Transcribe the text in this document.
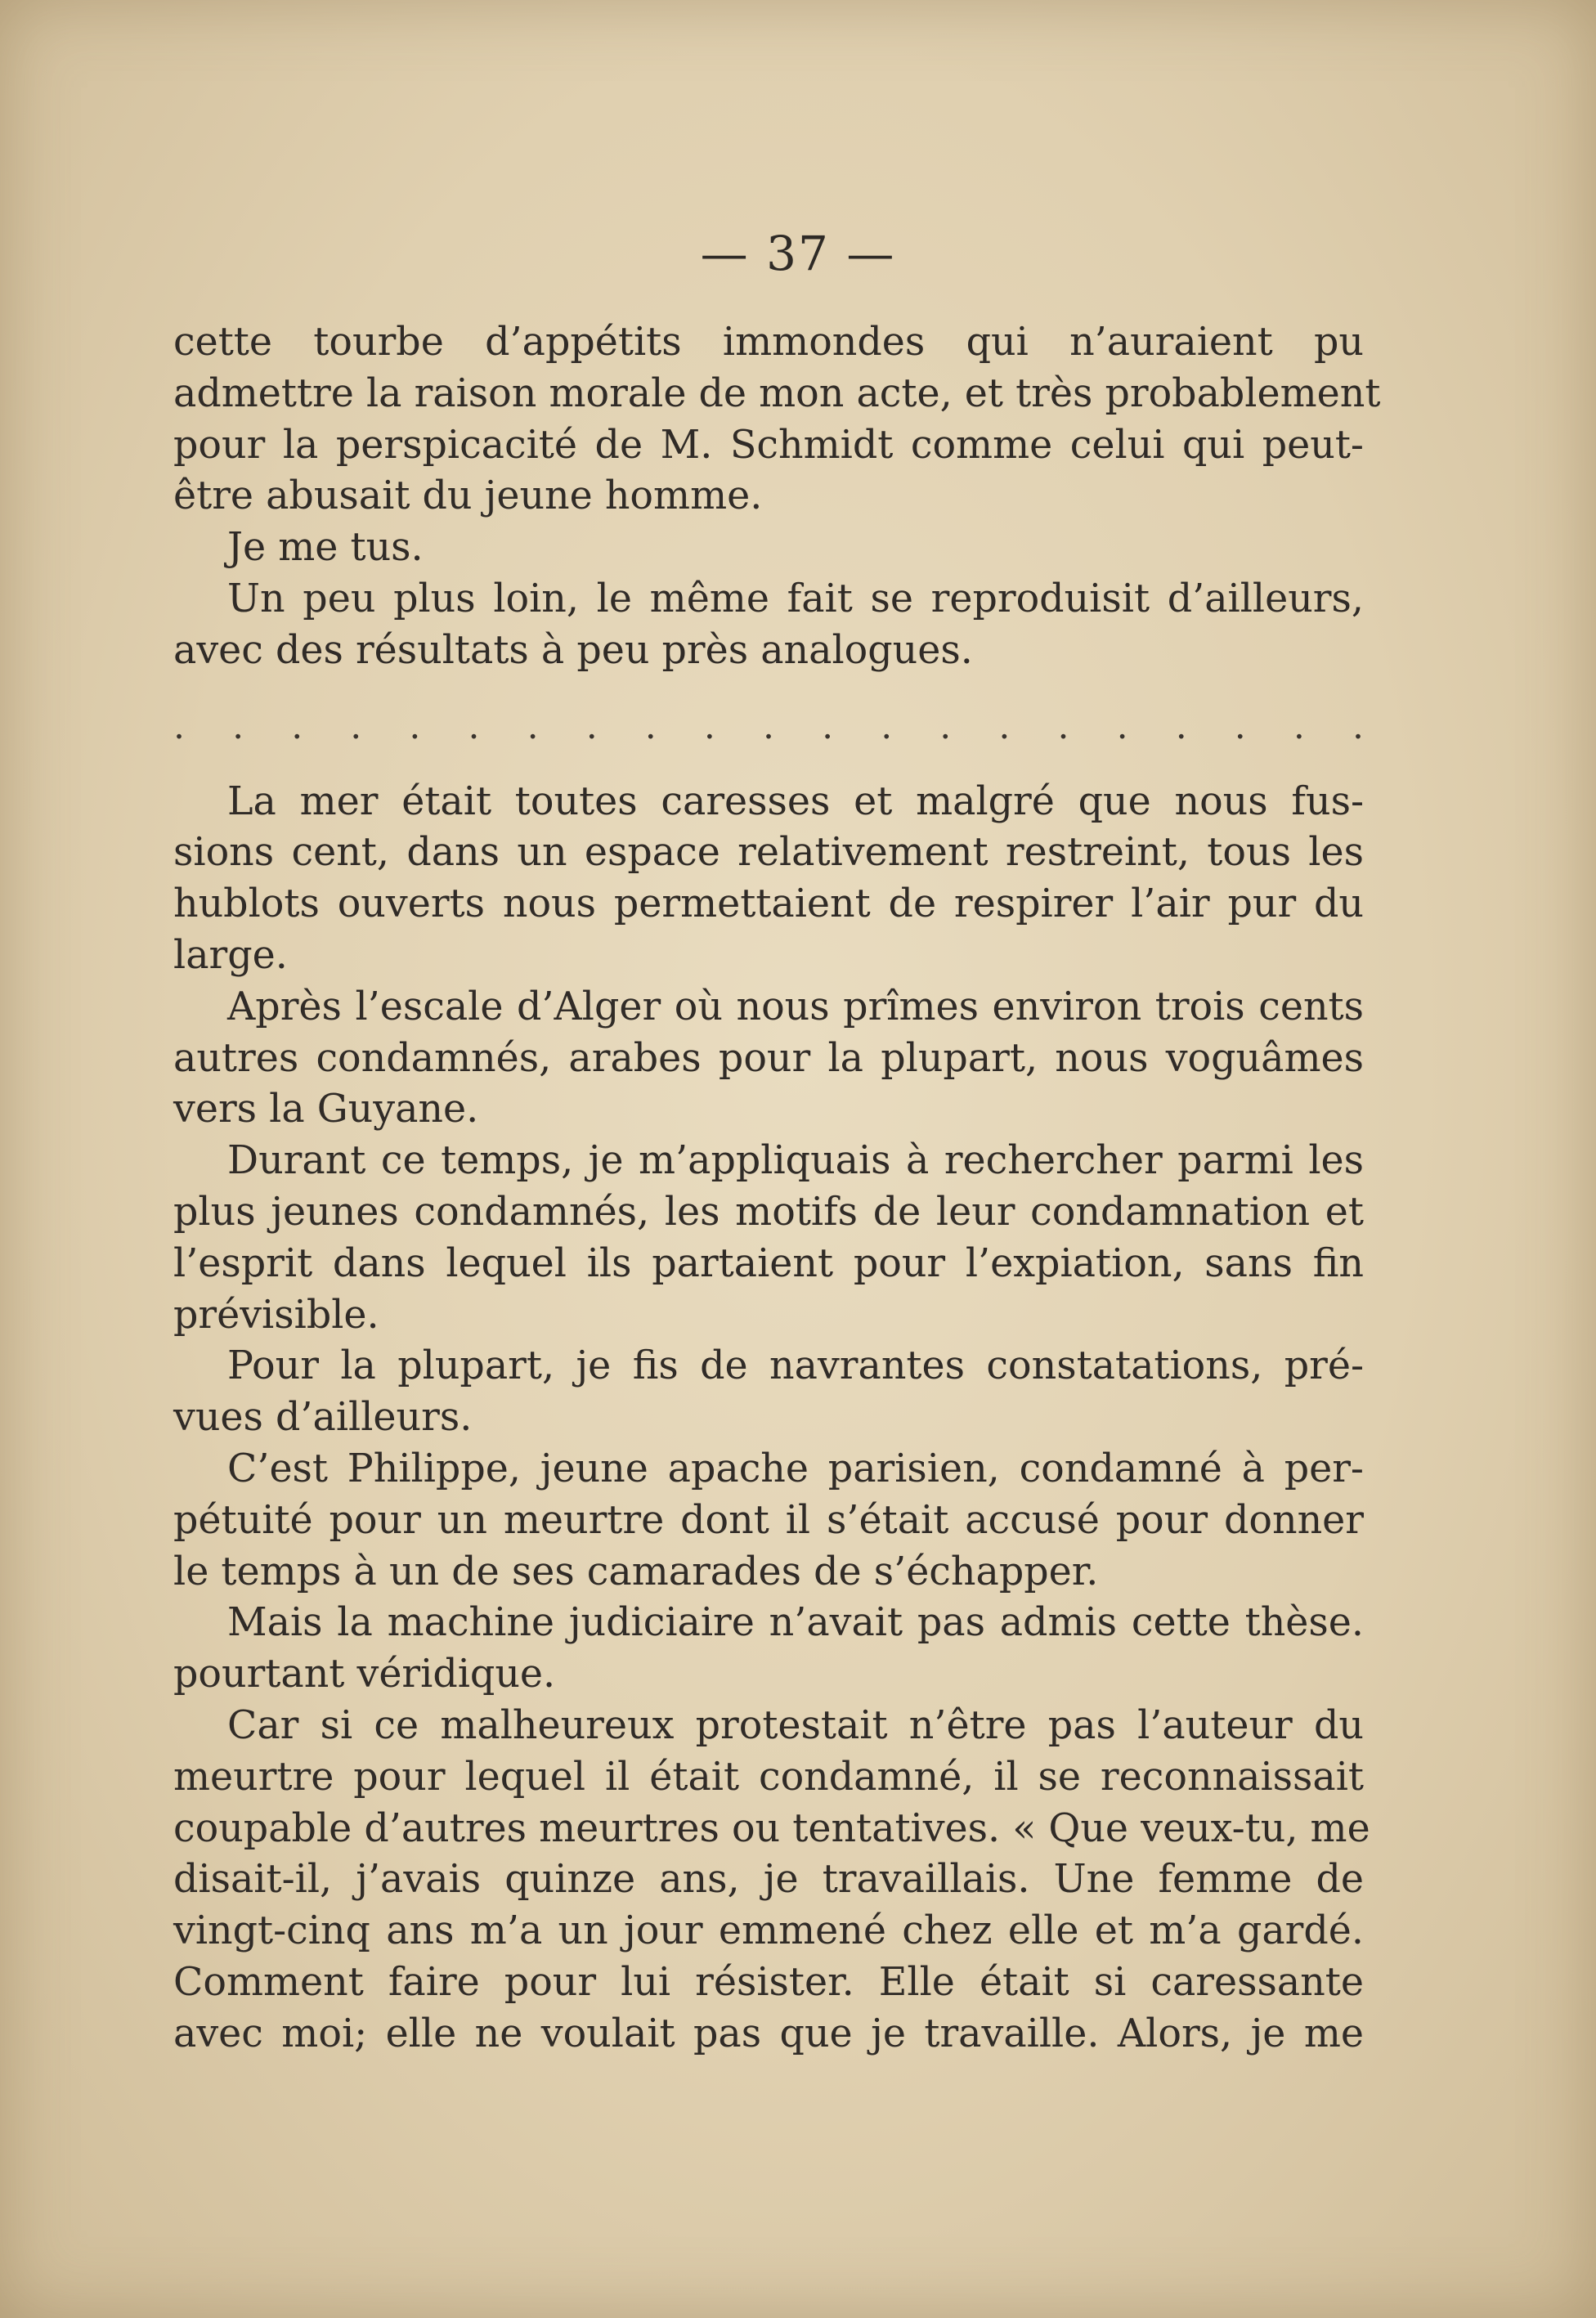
— 37 —
cette tourbe d’appétits immondes qui n’auraient pu
admettre la raison morale de mon acte, et très probablement
pour la perspicacité de M. Schmidt comme celui qui peut-
être abusait du jeune homme.
Je me tus.
Un peu plus loin, le même fait se reproduisit d’ailleurs,
avec des résultats à peu près analogues.
. . . . . . . . . . . . . . . . . . . . .
La mer était toutes caresses et malgré que nous fus-
sions cent, dans un espace relativement restreint, tous les
hublots ouverts nous permettaient de respirer l’air pur du
large.
Après l’escale d’Alger où nous prîmes environ trois cents
autres condamnés, arabes pour la plupart, nous voguâmes
vers la Guyane.
Durant ce temps, je m’appliquais à rechercher parmi les
plus jeunes condamnés, les motifs de leur condamnation et
l’esprit dans lequel ils partaient pour l’expiation, sans fin
prévisible.
Pour la plupart, je fis de navrantes constatations, pré-
vues d’ailleurs.
C’est Philippe, jeune apache parisien, condamné à per-
pétuité pour un meurtre dont il s’était accusé pour donner
le temps à un de ses camarades de s’échapper.
Mais la machine judiciaire n’avait pas admis cette thèse.
pourtant véridique.
Car si ce malheureux protestait n’être pas l’auteur du
meurtre pour lequel il était condamné, il se reconnaissait
coupable d’autres meurtres ou tentatives. « Que veux-tu, me
disait-il, j’avais quinze ans, je travaillais. Une femme de
vingt-cinq ans m’a un jour emmené chez elle et m’a gardé.
Comment faire pour lui résister. Elle était si caressante
avec moi; elle ne voulait pas que je travaille. Alors, je me
